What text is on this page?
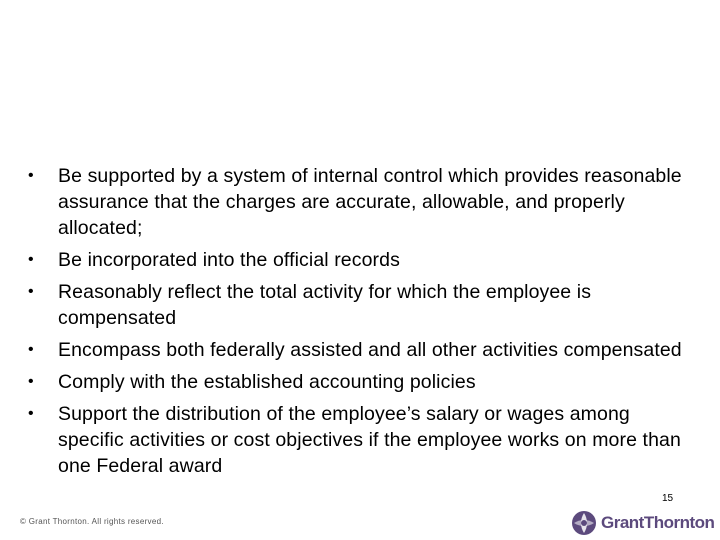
•	Be supported by a system of internal control which provides reasonable assurance that the charges are accurate, allowable, and properly allocated;
•	Be incorporated into the official records
•	Reasonably reflect the total activity for which the employee is compensated
•	Encompass both federally assisted and all other activities compensated
•	Comply with the established accounting policies
•	Support the distribution of the employee’s salary or wages among specific activities or cost objectives if the employee works on more than one Federal award
15
© Grant Thornton. All rights reserved.	GrantThornton
